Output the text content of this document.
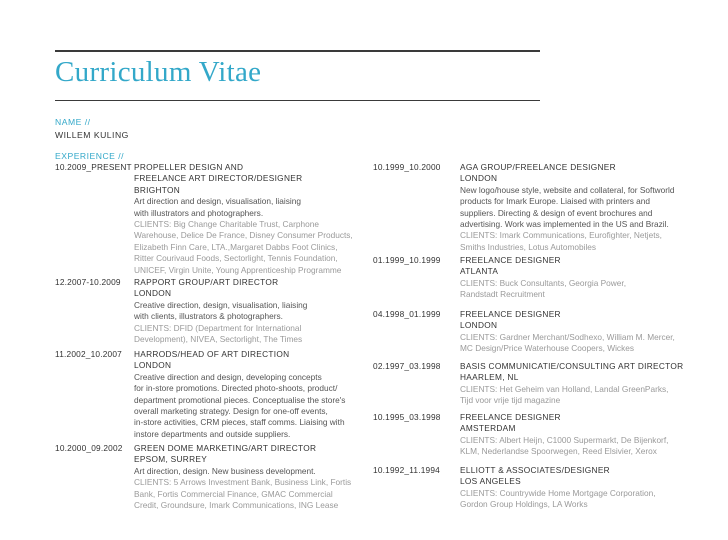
Curriculum Vitae
NAME //
WILLEM KULING
EXPERIENCE //
10.2009_PRESENT PROPELLER DESIGN AND
FREELANCE ART DIRECTOR/DESIGNER
BRIGHTON
Art direction and design, visualisation, liaising
with illustrators and photographers.
CLIENTS: Big Change Charitable Trust, Carphone
Warehouse, Delice De France, Disney Consumer Products,
Elizabeth Finn Care, LTA.,Margaret Dabbs Foot Clinics,
Ritter Courivaud Foods, Sectorlight, Tennis Foundation,
UNICEF, Virgin Unite, Young Apprenticeship Programme
12.2007-10.2009 RAPPORT GROUP/ART DIRECTOR
LONDON
Creative direction, design, visualisation, liaising
with clients, illustrators & photographers.
CLIENTS: DFID (Department for International
Development), NIVEA, Sectorlight, The Times
11.2002_10.2007 HARRODS/HEAD OF ART DIRECTION
LONDON
Creative direction and design, developing concepts
for in-store promotions. Directed photo-shoots, product/
department promotional pieces. Conceptualise the store's
overall marketing strategy. Design for one-off events,
in-store activities, CRM pieces, staff comms. Liaising with
instore departments and outside suppliers.
10.2000_09.2002 GREEN DOME MARKETING/ART DIRECTOR
EPSOM, SURREY
Art direction, design. New business development.
CLIENTS: 5 Arrows Investment Bank, Business Link, Fortis
Bank, Fortis Commercial Finance, GMAC Commercial
Credit, Groundsure, Imark Communications, ING Lease
10.1999_10.2000 AGA GROUP/FREELANCE DESIGNER
LONDON
New logo/house style, website and collateral, for Softworld
products for Imark Europe. Liaised with printers and
suppliers. Directing & design of event brochures and
advertising. Work was implemented in the US and Brazil.
CLIENTS: Imark Communications, Eurofighter, Netjets,
Smiths Industries, Lotus Automobiles
01.1999_10.1999 FREELANCE DESIGNER
ATLANTA
CLIENTS: Buck Consultants, Georgia Power,
Randstadt Recruitment
04.1998_01.1999 FREELANCE DESIGNER
LONDON
CLIENTS: Gardner Merchant/Sodhexo, William M. Mercer,
MC Design/Price Waterhouse Coopers, Wickes
02.1997_03.1998 BASIS COMMUNICATIE/CONSULTING ART DIRECTOR
HAARLEM, NL
CLIENTS: Het Geheim van Holland, Landal GreenParks,
Tijd voor vrije tijd magazine
10.1995_03.1998 FREELANCE DESIGNER
AMSTERDAM
CLIENTS: Albert Heijn, C1000 Supermarkt, De Bijenkorf,
KLM, Nederlandse Spoorwegen, Reed Elsivier, Xerox
10.1992_11.1994 ELLIOTT & ASSOCIATES/DESIGNER
LOS ANGELES
CLIENTS: Countrywide Home Mortgage Corporation,
Gordon Group Holdings, LA Works
